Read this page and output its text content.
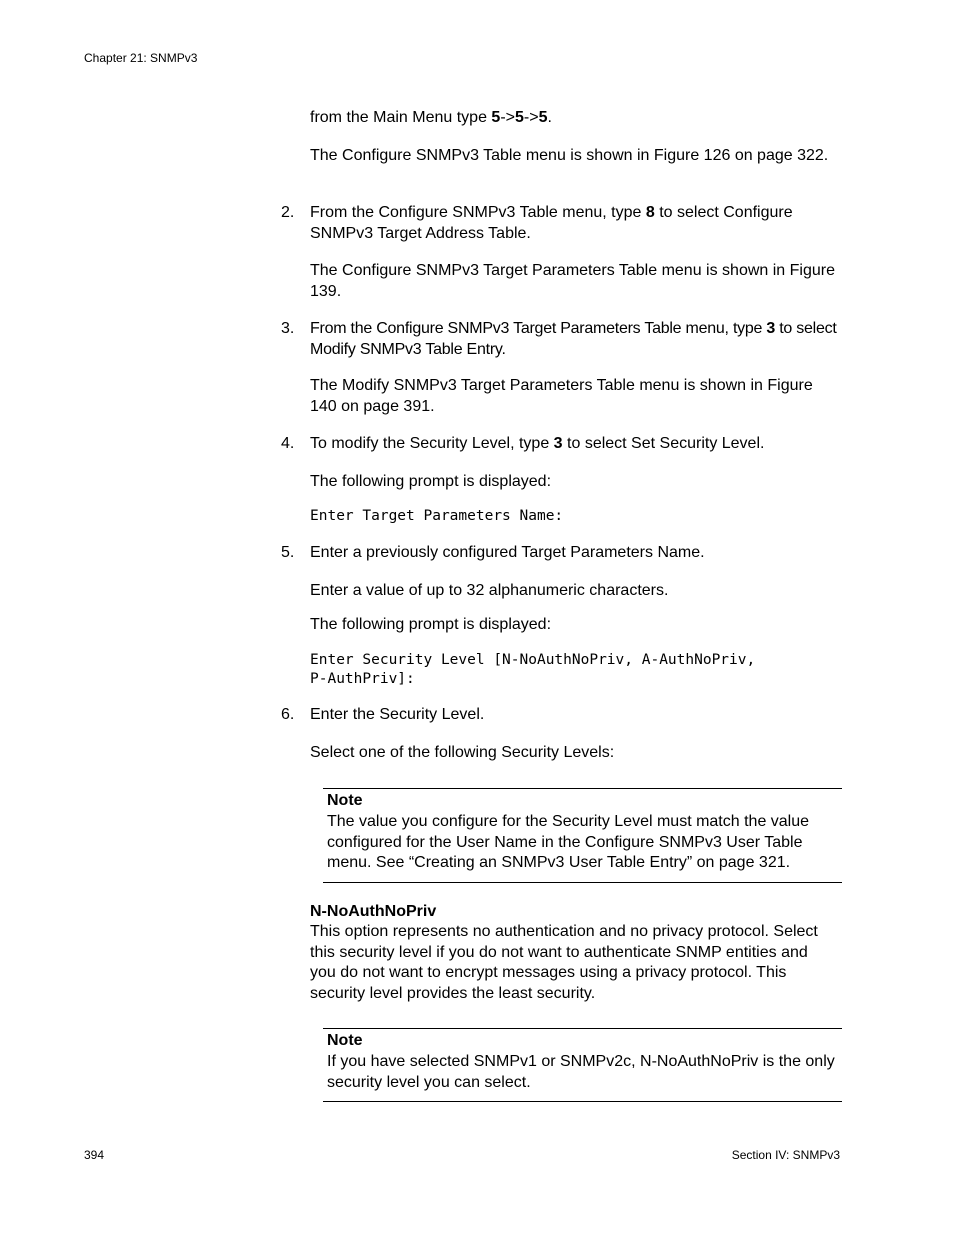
Chapter 21: SNMPv3

from the Main Menu type 5->5->5.

The Configure SNMPv3 Table menu is shown in Figure 126 on page 322.

2. From the Configure SNMPv3 Table menu, type 8 to select Configure SNMPv3 Target Address Table.

The Configure SNMPv3 Target Parameters Table menu is shown in Figure 139.

3. From the Configure SNMPv3 Target Parameters Table menu, type 3 to select Modify SNMPv3 Table Entry.

The Modify SNMPv3 Target Parameters Table menu is shown in Figure 140 on page 391.

4. To modify the Security Level, type 3 to select Set Security Level.

The following prompt is displayed:

Enter Target Parameters Name:
5. Enter a previously configured Target Parameters Name.

Enter a value of up to 32 alphanumeric characters.

The following prompt is displayed:

Enter Security Level [N-NoAuthNoPriv, A-AuthNoPriv,
P-AuthPriv]:
6. Enter the Security Level.

Select one of the following Security Levels:

Note

The value you configure for the Security Level must match the value configured for the User Name in the Configure SNMPv3 User Table menu. See “Creating an SNMPv3 User Table Entry” on page 321.

N-NoAuthNoPriv

This option represents no authentication and no privacy protocol. Select this security level if you do not want to authenticate SNMP entities and you do not want to encrypt messages using a privacy protocol. This security level provides the least security.

Note

If you have selected SNMPv1 or SNMPv2c, N-NoAuthNoPriv is the only security level you can select.

394	Section IV: SNMPv3
